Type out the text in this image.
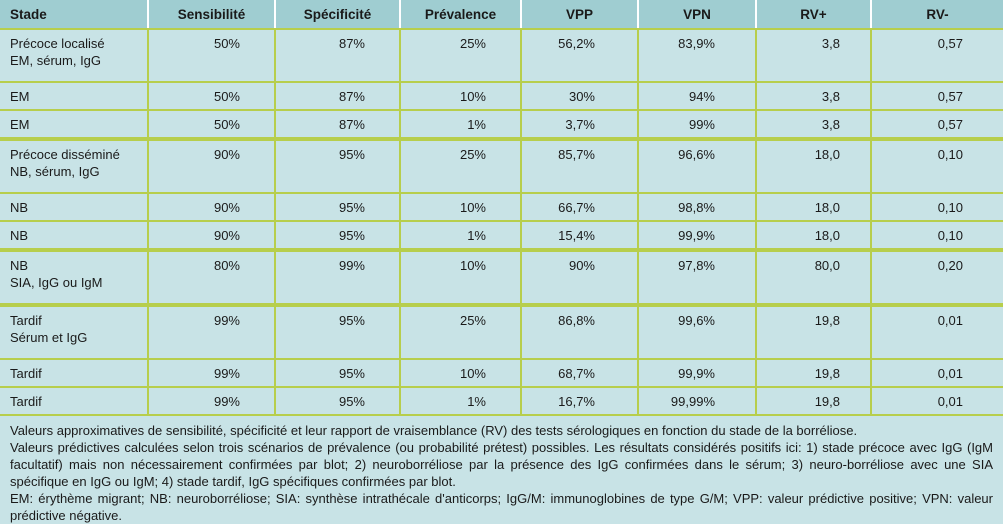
Stade	Sensibilité	Spécificité	Prévalence	VPP	VPN	RV+	RV-

Précoce localisé
EM, sérum, IgG	50%	87%	25%	56,2%	83,9%	3,8	0,57

EM	50%	87%	10%	30%	94%	3,8	0,57

EM	50%	87%	1%	3,7%	99%	3,8	0,57

Précoce disséminé
NB, sérum, IgG	90%	95%	25%	85,7%	96,6%	18,0	0,10

NB	90%	95%	10%	66,7%	98,8%	18,0	0,10

NB	90%	95%	1%	15,4%	99,9%	18,0	0,10

NB
SIA, IgG ou IgM	80%	99%	10%	90%	97,8%	80,0	0,20

Tardif
Sérum et IgG	99%	95%	25%	86,8%	99,6%	19,8	0,01

Tardif	99%	95%	10%	68,7%	99,9%	19,8	0,01

Tardif	99%	95%	1%	16,7%	99,99%	19,8	0,01

Valeurs approximatives de sensibilité, spécificité et leur rapport de vraisemblance (RV) des tests sérologiques en fonction du stade de la borréliose.

Valeurs prédictives calculées selon trois scénarios de prévalence (ou probabilité prétest) possibles. Les résultats considérés positifs ici: 1) stade précoce avec IgG (IgM facultatif) mais non nécessairement confirmées par blot; 2) neuroborréliose par la présence des IgG confirmées dans le sérum; 3) neuro-borréliose avec une SIA spécifique en IgG ou IgM; 4) stade tardif, IgG spécifiques confirmées par blot.

EM: érythème migrant; NB: neuroborréliose; SIA: synthèse intrathécale d'anticorps; IgG/M: immunoglobines de type G/M; VPP: valeur prédictive positive; VPN: valeur prédictive négative.
